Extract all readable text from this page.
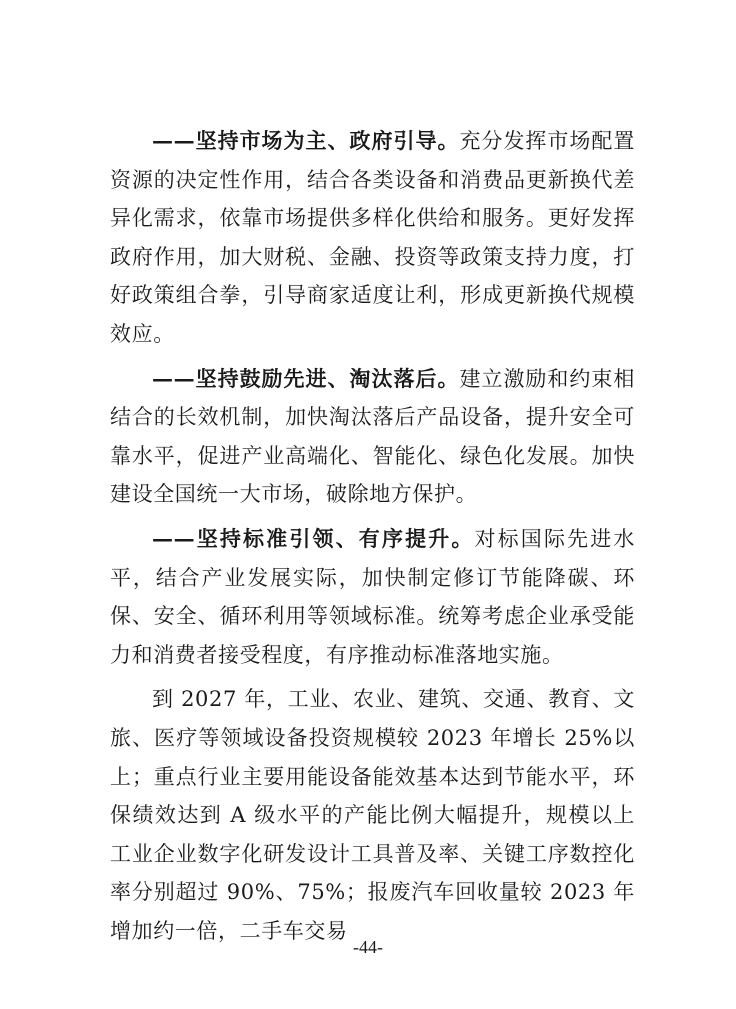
——坚持市场为主、政府引导。充分发挥市场配置资源的决定性作用，结合各类设备和消费品更新换代差异化需求，依靠市场提供多样化供给和服务。更好发挥政府作用，加大财税、金融、投资等政策支持力度，打好政策组合拳，引导商家适度让利，形成更新换代规模效应。

——坚持鼓励先进、淘汰落后。建立激励和约束相结合的长效机制，加快淘汰落后产品设备，提升安全可靠水平，促进产业高端化、智能化、绿色化发展。加快建设全国统一大市场，破除地方保护。

——坚持标准引领、有序提升。对标国际先进水平，结合产业发展实际，加快制定修订节能降碳、环保、安全、循环利用等领域标准。统筹考虑企业承受能力和消费者接受程度，有序推动标准落地实施。

到 2027 年，工业、农业、建筑、交通、教育、文旅、医疗等领域设备投资规模较 2023 年增长 25%以上；重点行业主要用能设备能效基本达到节能水平，环保绩效达到 A 级水平的产能比例大幅提升，规模以上工业企业数字化研发设计工具普及率、关键工序数控化率分别超过 90%、75%；报废汽车回收量较 2023 年增加约一倍，二手车交易

-44-
